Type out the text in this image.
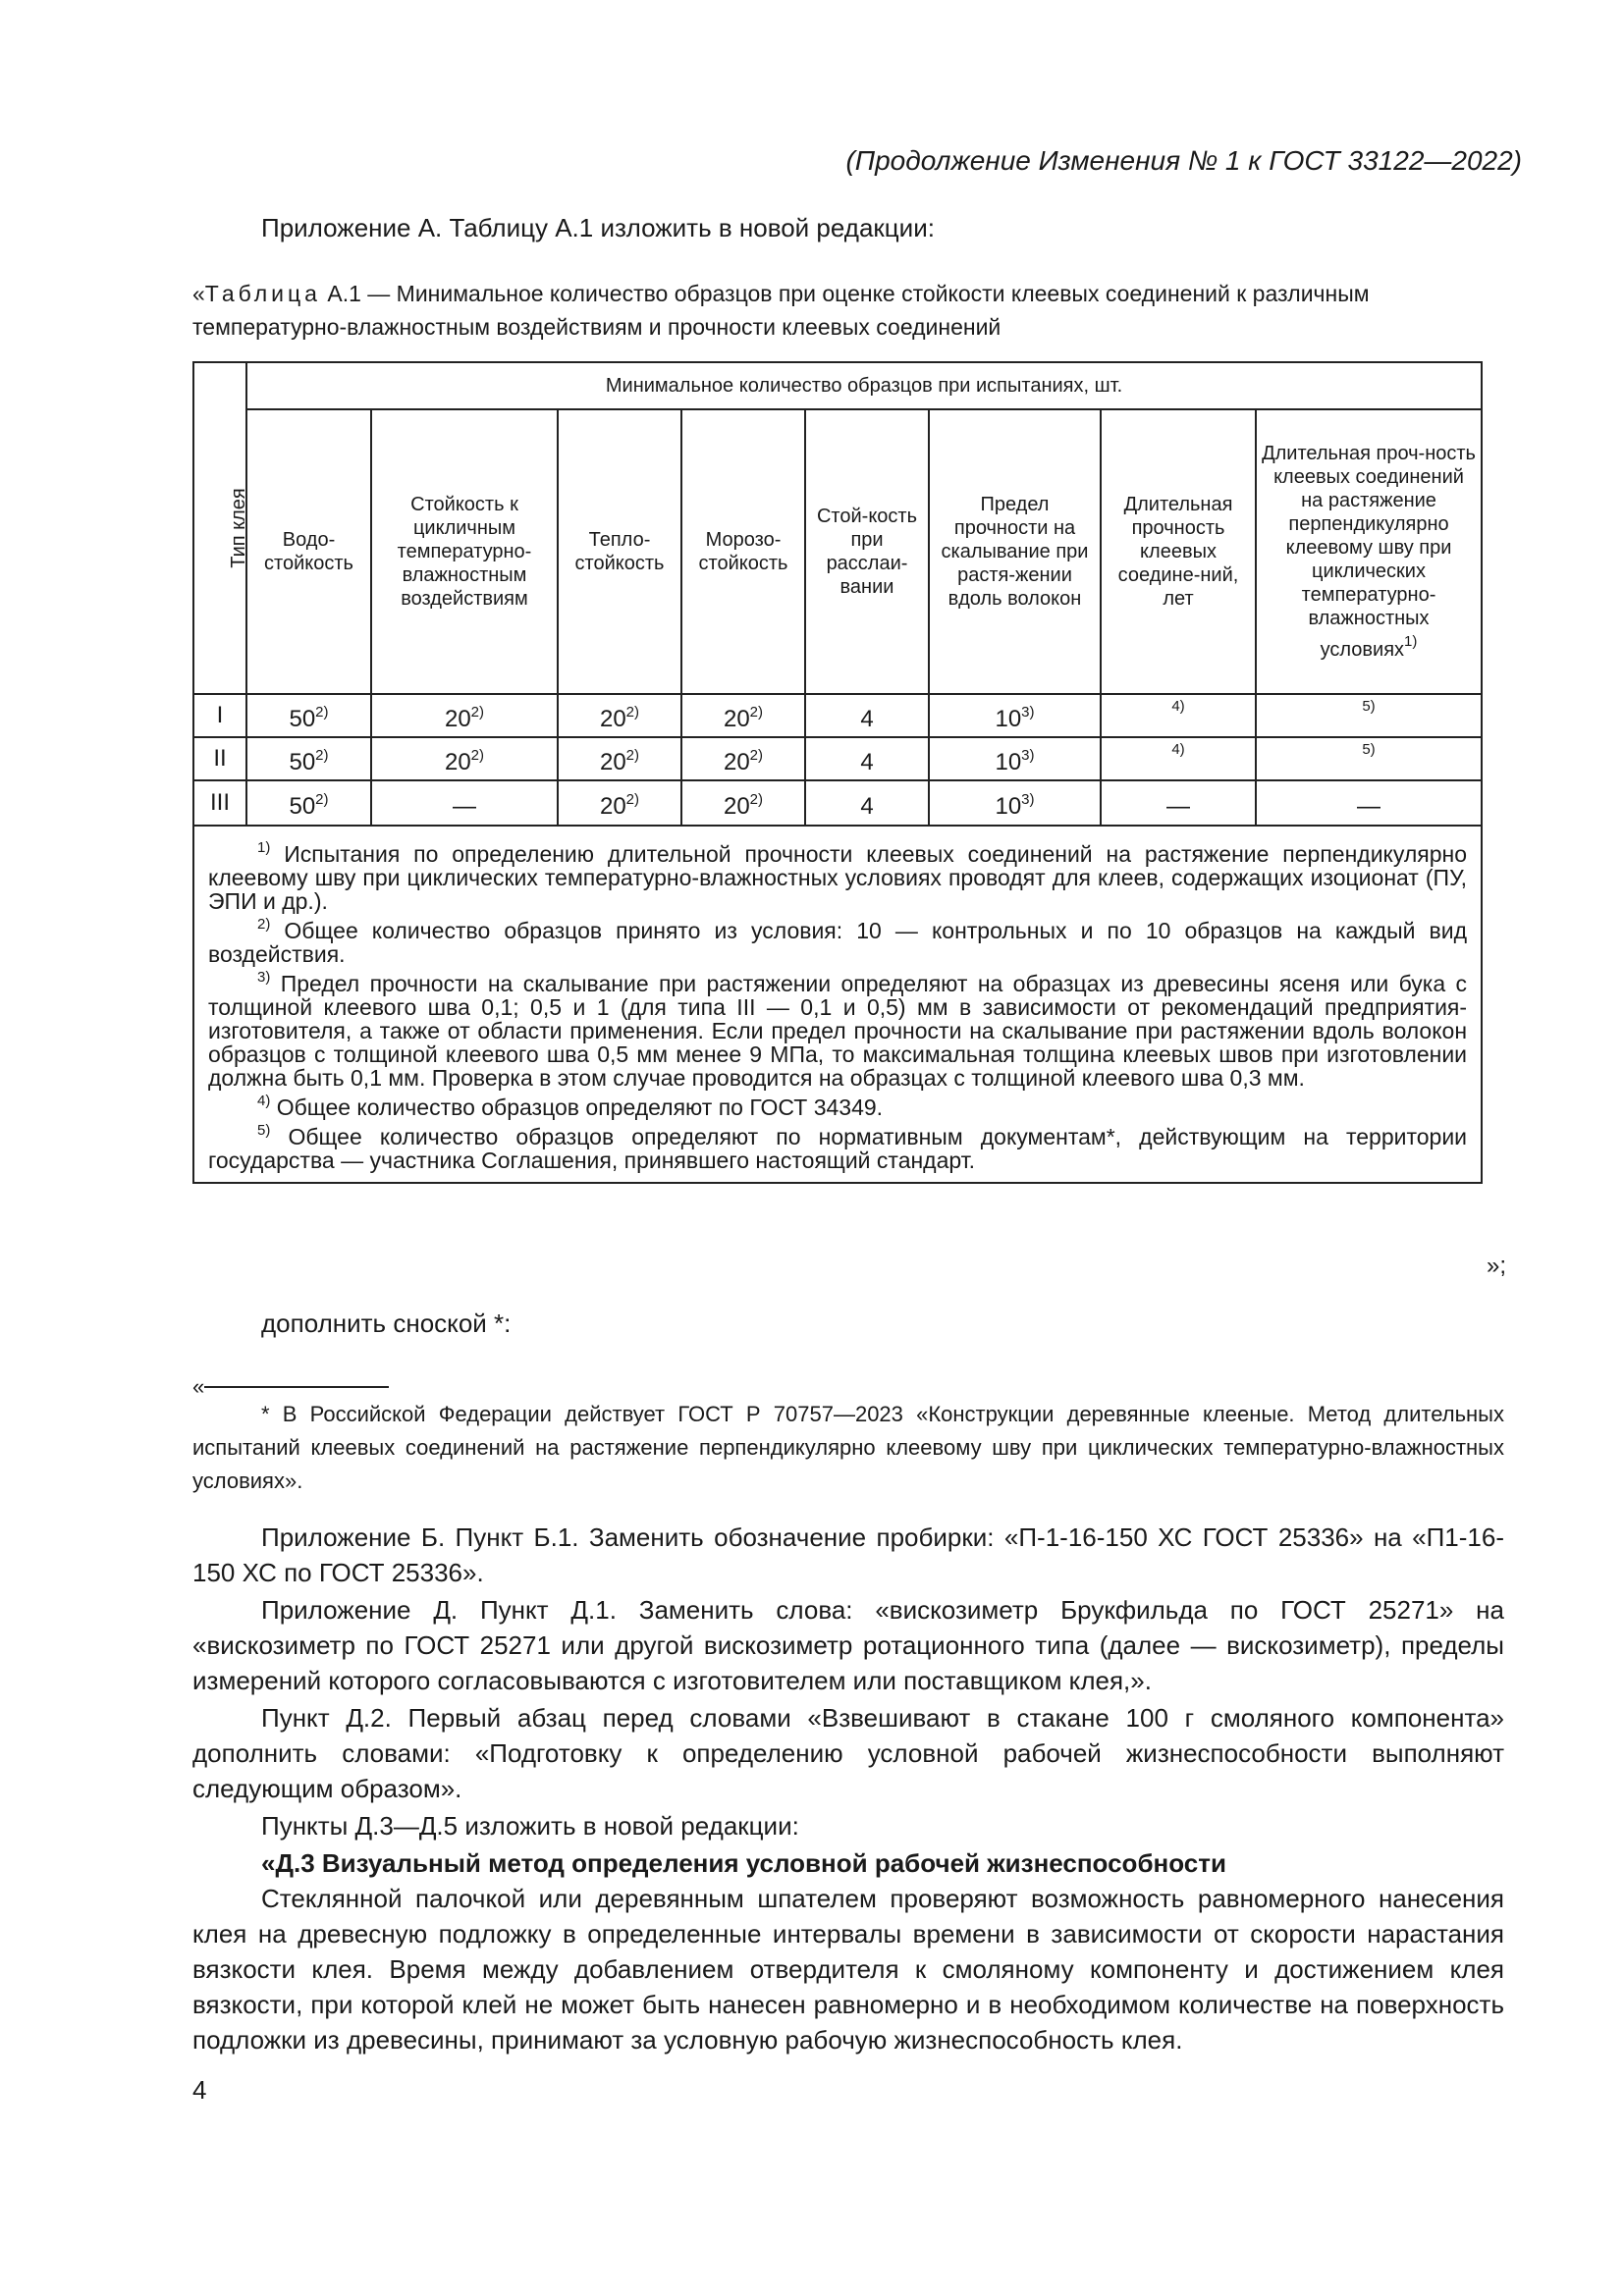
(Продолжение Изменения № 1 к ГОСТ 33122—2022)
Приложение А. Таблицу А.1 изложить в новой редакции:
«Таблица А.1 — Минимальное количество образцов при оценке стойкости клеевых соединений к различным температурно-влажностным воздействиям и прочности клеевых соединений
Тип клея	Минимальное количество образцов при испытаниях, шт.							
	Водо-стойкость	Стойкость к цикличным температурно-влажностным воздействиям	Тепло-стойкость	Морозо-стойкость	Стой-кость при расслаи-вании	Предел прочности на скалывание при растя-жении вдоль волокон	Длительная прочность клеевых соедине-ний, лет	Длительная проч-ность клеевых соединений на растяжение перпендикулярно клеевому шву при циклических температурно-влажностных условиях$^{1)}$
I	50$^{2)}$	20$^{2)}$	20$^{2)}$	20$^{2)}$	4	10$^{3)}$	$^{4)}$	$^{5)}$
II	50$^{2)}$	20$^{2)}$	20$^{2)}$	20$^{2)}$	4	10$^{3)}$	$^{4)}$	$^{5)}$
III	50$^{2)}$	—	20$^{2)}$	20$^{2)}$	4	10$^{3)}$	—	—

$^{1)}$ Испытания по определению длительной прочности клеевых соединений на растяжение перпендикулярно клеевому шву при циклических температурно-влажностных условиях проводят для клеев, содержащих изоционат (ПУ, ЭПИ и др.).
$^{2)}$ Общее количество образцов принято из условия: 10 — контрольных и по 10 образцов на каждый вид воздействия.
$^{3)}$ Предел прочности на скалывание при растяжении определяют на образцах из древесины ясеня или бука с толщиной клеевого шва 0,1; 0,5 и 1 (для типа III — 0,1 и 0,5) мм в зависимости от рекомендаций предприятия-изготовителя, а также от области применения. Если предел прочности на скалывание при растяжении вдоль волокон образцов с толщиной клеевого шва 0,5 мм менее 9 МПа, то максимальная толщина клеевых швов при изготовлении должна быть 0,1 мм. Проверка в этом случае проводится на образцах с толщиной клеевого шва 0,3 мм.
$^{4)}$ Общее количество образцов определяют по ГОСТ 34349.
$^{5)}$ Общее количество образцов определяют по нормативным документам*, действующим на территории государства — участника Соглашения, принявшего настоящий стандарт.								
»;
дополнить сноской *:
«
* В Российской Федерации действует ГОСТ Р 70757—2023 «Конструкции деревянные клееные. Метод длительных испытаний клеевых соединений на растяжение перпендикулярно клеевому шву при циклических температурно-влажностных условиях».
Приложение Б. Пункт Б.1. Заменить обозначение пробирки: «П-1-16-150 ХС ГОСТ 25336» на «П1-16-150 ХС по ГОСТ 25336».
Приложение Д. Пункт Д.1. Заменить слова: «вискозиметр Брукфильда по ГОСТ 25271» на «вискозиметр по ГОСТ 25271 или другой вискозиметр ротационного типа (далее — вискозиметр), пределы измерений которого согласовываются с изготовителем или поставщиком клея,».
Пункт Д.2. Первый абзац перед словами «Взвешивают в стакане 100 г смоляного компонента» дополнить словами: «Подготовку к определению условной рабочей жизнеспособности выполняют следующим образом».
Пункты Д.3—Д.5 изложить в новой редакции:
«Д.3 Визуальный метод определения условной рабочей жизнеспособности
Стеклянной палочкой или деревянным шпателем проверяют возможность равномерного нанесения клея на древесную подложку в определенные интервалы времени в зависимости от скорости нарастания вязкости клея. Время между добавлением отвердителя к смоляному компоненту и достижением клея вязкости, при которой клей не может быть нанесен равномерно и в необходимом количестве на поверхность подложки из древесины, принимают за условную рабочую жизнеспособность клея.
4
